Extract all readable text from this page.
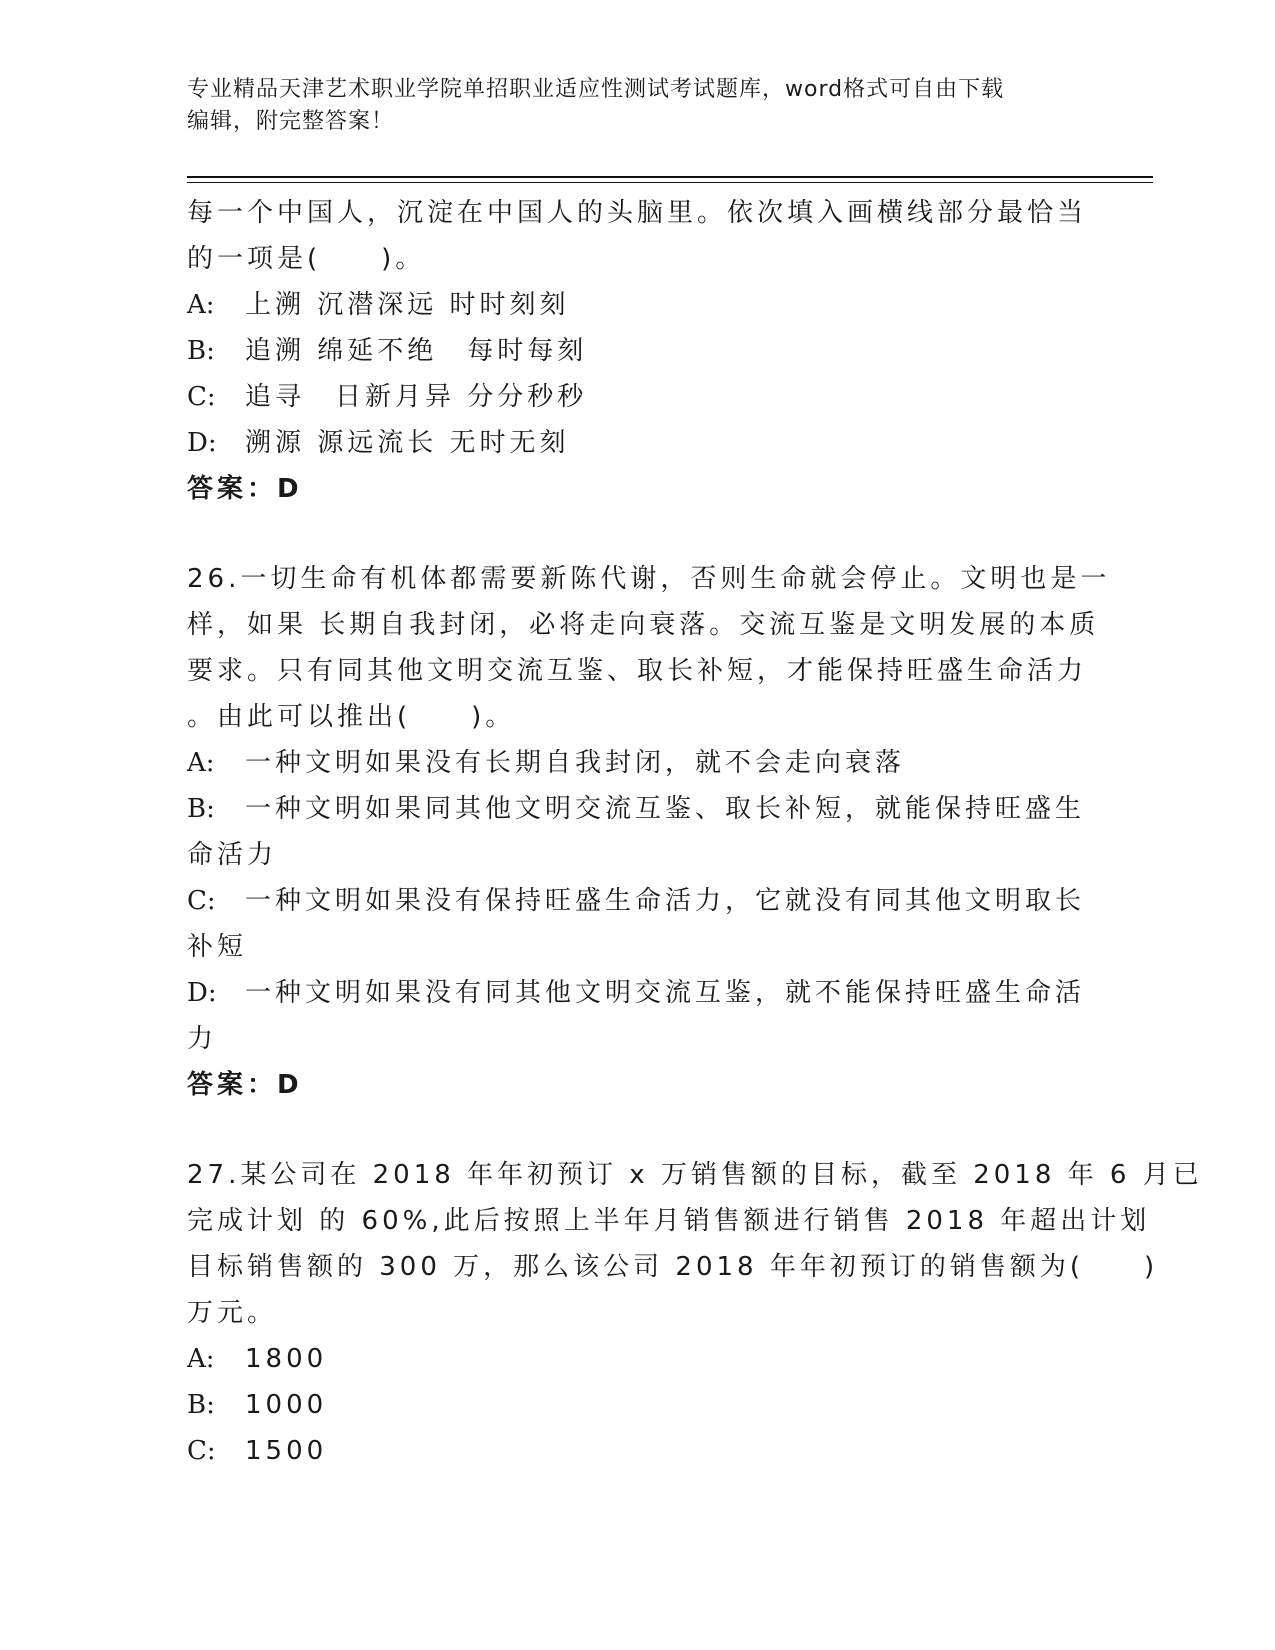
专业精品天津艺术职业学院单招职业适应性测试考试题库，word格式可自由下载
编辑，附完整答案！
每一个中国人，沉淀在中国人的头脑里。依次填入画横线部分最恰当
的一项是(　　)。
A: 上溯 沉潜深远 时时刻刻
B: 追溯 绵延不绝　每时每刻
C: 追寻　日新月异 分分秒秒
D: 溯源 源远流长 无时无刻
答案：D
26.一切生命有机体都需要新陈代谢，否则生命就会停止。文明也是一
样，如果 长期自我封闭，必将走向衰落。交流互鉴是文明发展的本质
要求。只有同其他文明交流互鉴、取长补短，才能保持旺盛生命活力
。由此可以推出(　　)。
A: 一种文明如果没有长期自我封闭，就不会走向衰落
B: 一种文明如果同其他文明交流互鉴、取长补短，就能保持旺盛生
命活力
C: 一种文明如果没有保持旺盛生命活力，它就没有同其他文明取长
补短
D: 一种文明如果没有同其他文明交流互鉴，就不能保持旺盛生命活
力
答案：D
27.某公司在 2018 年年初预订 x 万销售额的目标，截至 2018 年 6 月已
完成计划 的 60%,此后按照上半年月销售额进行销售 2018 年超出计划
目标销售额的 300 万，那么该公司 2018 年年初预订的销售额为(　　)
万元。
A: 1800
B: 1000
C: 1500
